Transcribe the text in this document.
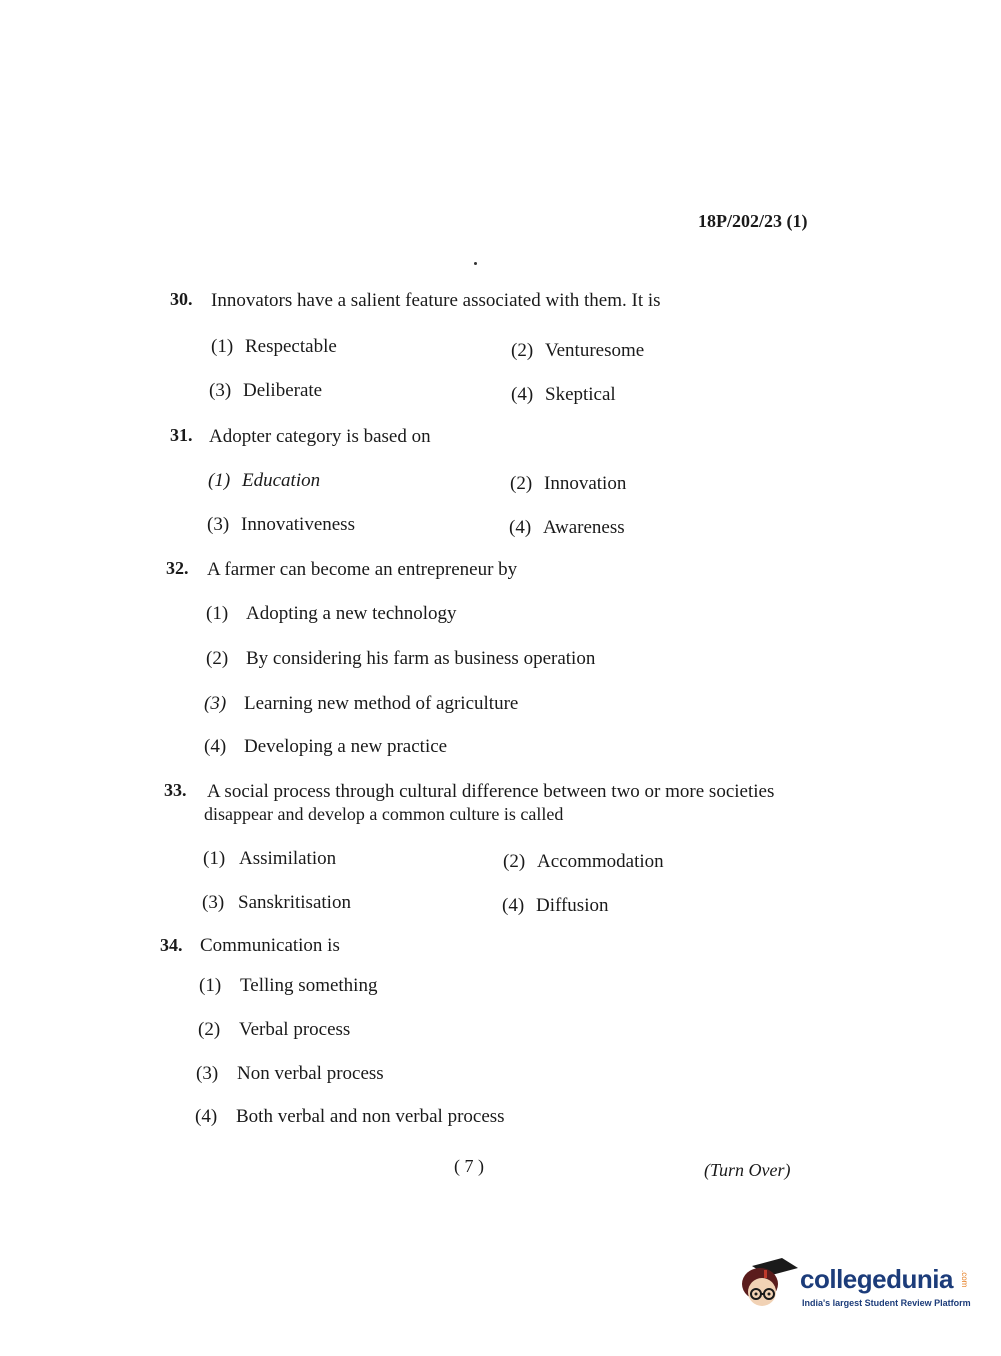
18P/202/23 (1)
30. Innovators have a salient feature associated with them. It is
(1) Respectable	(2) Venturesome
(3) Deliberate	(4) Skeptical
31. Adopter category is based on
(1) Education	(2) Innovation
(3) Innovativeness	(4) Awareness
32. A farmer can become an entrepreneur by
(1) Adopting a new technology
(2) By considering his farm as business operation
(3) Learning new method of agriculture
(4) Developing a new practice
33. A social process through cultural difference between two or more societies
disappear and develop a common culture is called
(1) Assimilation	(2) Accommodation
(3) Sanskritisation	(4) Diffusion
34. Communication is
(1) Telling something
(2) Verbal process
(3) Non verbal process
(4) Both verbal and non verbal process
( 7 )	(Turn Over)
collegedunia .com
India's largest Student Review Platform
